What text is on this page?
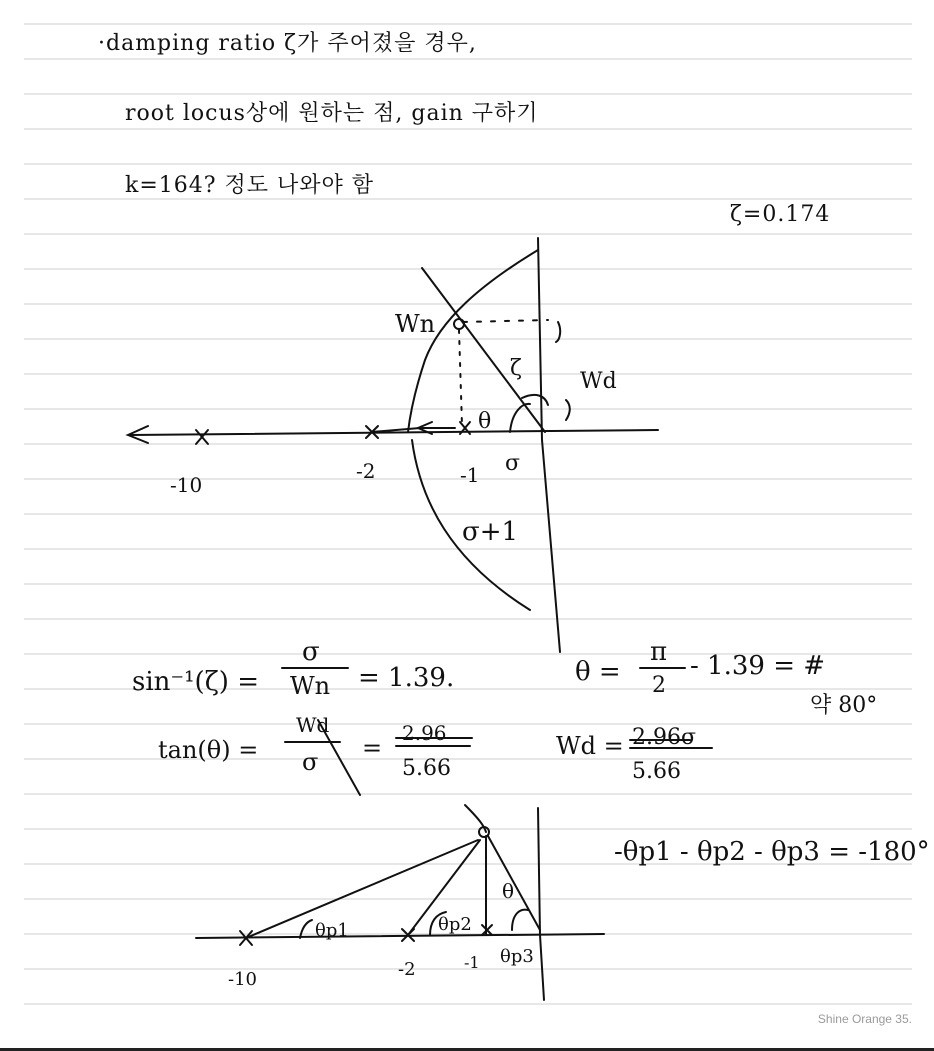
Wn
ζ
Wd
θ
σ
σ+1
-10
-2	-1
sin⁻¹(ζ) =
σ
Wn = 1.39.	θ =
π
2
- 1.39 = #
약 80°
tan(θ) =
Wd
σ =
2.96
5.66
Wd = 2.96σ
5.66
-θp1 - θp2 - θp3 = -180°
θp1	θp2
θp3
θ
-10	-2	-1
·damping ratio ζ가 주어졌을 경우,
root locus상에 원하는 점, gain 구하기
k=164? 정도 나와야 함
ζ=0.174
Shine Orange 35.
